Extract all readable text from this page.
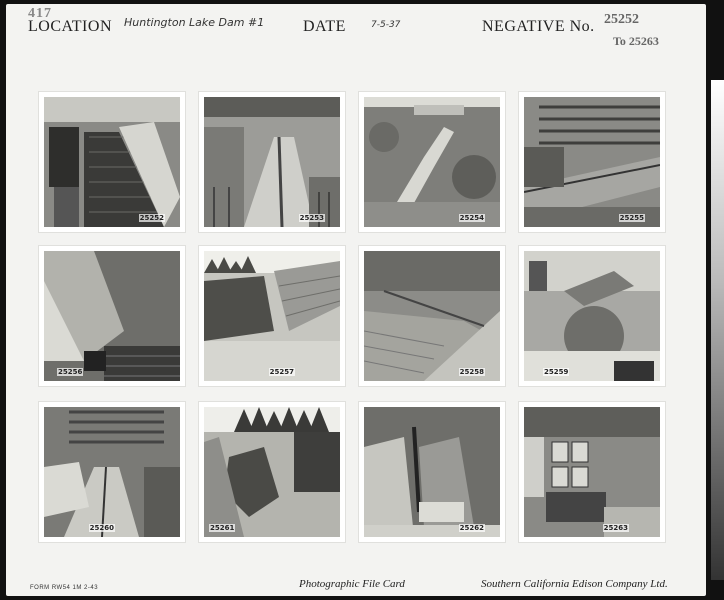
417
LOCATION Huntington Lake Dam #1 DATE	7-5-37	NEGATIVE No. 25252
To 25263
25252	25253	25254	25255
25256	25257	25258	25259
25260	25261	25262	25263
FORM RW54 1M 2-43	Photographic File Card	Southern California Edison Company Ltd.
